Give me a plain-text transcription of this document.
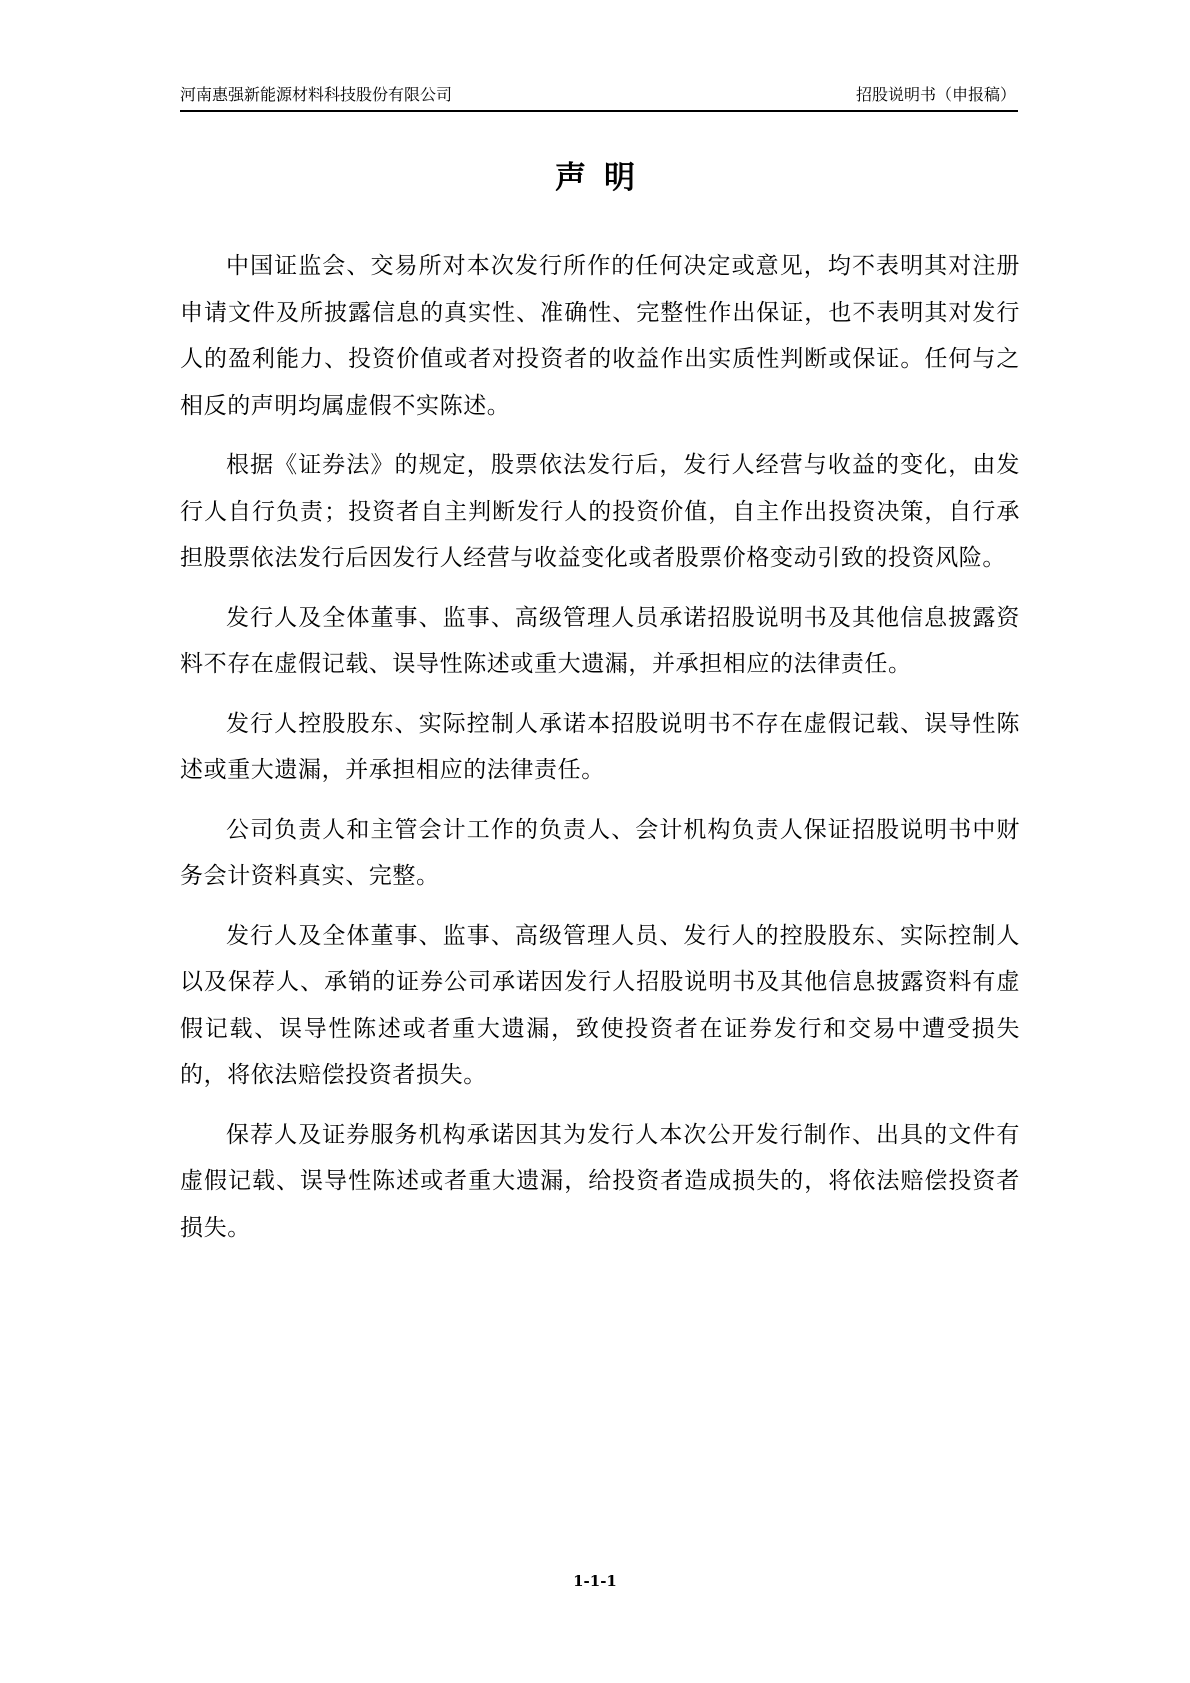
河南惠强新能源材料科技股份有限公司	招股说明书（申报稿）
声明

中国证监会、交易所对本次发行所作的任何决定或意见，均不表明其对注册申请文件及所披露信息的真实性、准确性、完整性作出保证，也不表明其对发行人的盈利能力、投资价值或者对投资者的收益作出实质性判断或保证。任何与之相反的声明均属虚假不实陈述。

根据《证券法》的规定，股票依法发行后，发行人经营与收益的变化，由发行人自行负责；投资者自主判断发行人的投资价值，自主作出投资决策，自行承担股票依法发行后因发行人经营与收益变化或者股票价格变动引致的投资风险。

发行人及全体董事、监事、高级管理人员承诺招股说明书及其他信息披露资料不存在虚假记载、误导性陈述或重大遗漏，并承担相应的法律责任。

发行人控股股东、实际控制人承诺本招股说明书不存在虚假记载、误导性陈述或重大遗漏，并承担相应的法律责任。

公司负责人和主管会计工作的负责人、会计机构负责人保证招股说明书中财务会计资料真实、完整。

发行人及全体董事、监事、高级管理人员、发行人的控股股东、实际控制人以及保荐人、承销的证券公司承诺因发行人招股说明书及其他信息披露资料有虚假记载、误导性陈述或者重大遗漏，致使投资者在证券发行和交易中遭受损失的，将依法赔偿投资者损失。

保荐人及证券服务机构承诺因其为发行人本次公开发行制作、出具的文件有虚假记载、误导性陈述或者重大遗漏，给投资者造成损失的，将依法赔偿投资者损失。

1-1-1
